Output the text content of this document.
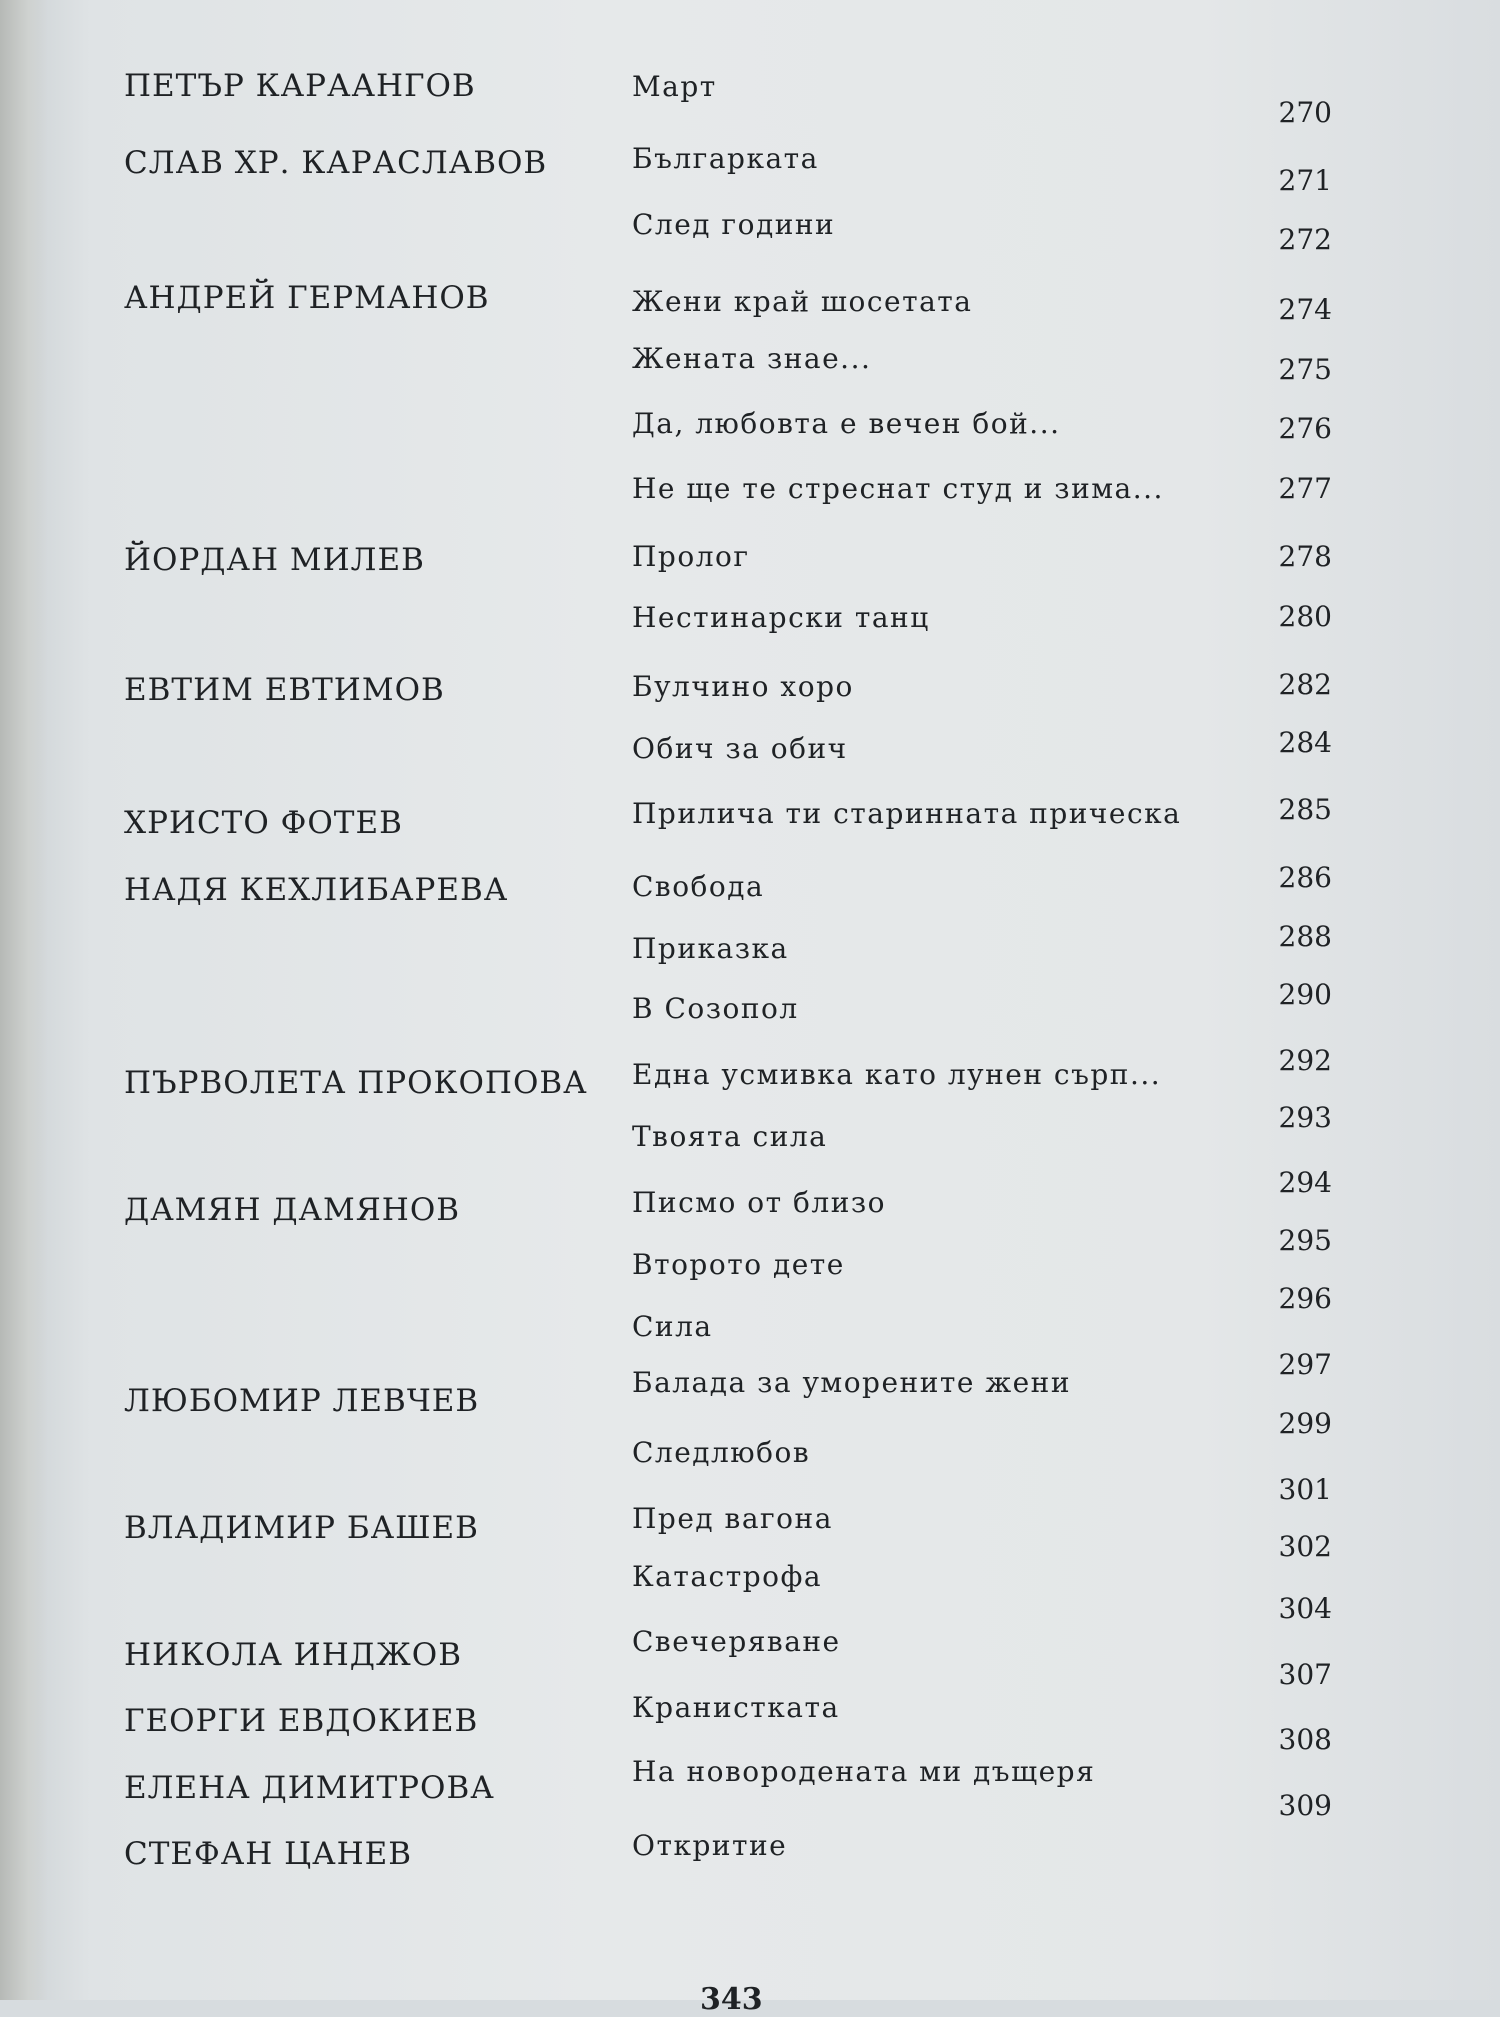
ПЕТЪР КАРААНГОВ
СЛАВ ХР. КАРАСЛАВОВ
АНДРЕЙ ГЕРМАНОВ
ЙОРДАН МИЛЕВ
ЕВТИМ ЕВТИМОВ
ХРИСТО ФОТЕВ
НАДЯ КЕХЛИБАРЕВА
ПЪРВОЛЕТА ПРОКОПОВА
ДАМЯН ДАМЯНОВ
ЛЮБОМИР ЛЕВЧЕВ
ВЛАДИМИР БАШЕВ
НИКОЛА ИНДЖОВ
ГЕОРГИ ЕВДОКИЕВ
ЕЛЕНА ДИМИТРОВА
СТЕФАН ЦАНЕВ
Март
Българката
След години
Жени край шосетата
Жената знае...
Да, любовта е вечен бой...
Не ще те стреснат студ и зима...
Пролог
Нестинарски танц
Булчино хоро
Обич за обич
Прилича ти старинната прическа
Свобода
Приказка
В Созопол
Една усмивка като лунен сърп...
Твоята сила
Писмо от близо
Второто дете
Сила
Балада за уморените жени
Следлюбов
Пред вагона
Катастрофа
Свечеряване
Кранистката
На новородената ми дъщеря
Откритие
270
271
272
274
275
276
277
278
280
282
284
285
286
288
290
292
293
294
295
296
297
299
301
302
304
307
308
309
343
